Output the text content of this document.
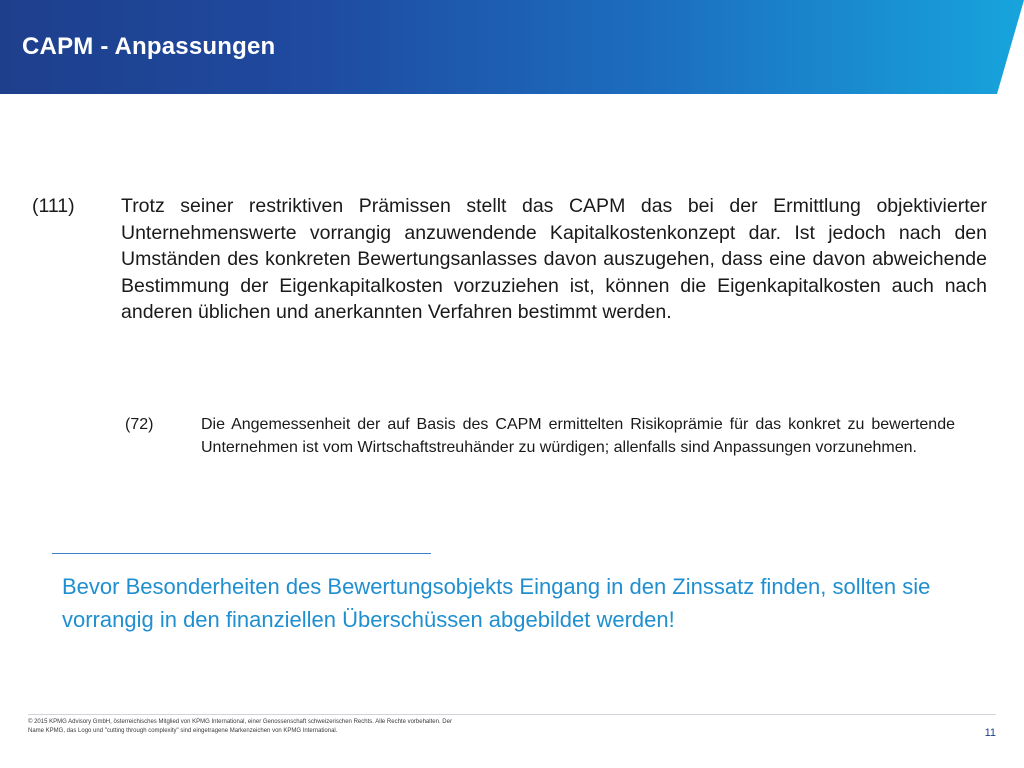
CAPM - Anpassungen
(111)	Trotz seiner restriktiven Prämissen stellt das CAPM das bei der Ermittlung objektivierter Unternehmenswerte vorrangig anzuwendende Kapitalkostenkonzept dar. Ist jedoch nach den Umständen des konkreten Bewertungsanlasses davon auszugehen, dass eine davon abweichende Bestimmung der Eigenkapitalkosten vorzuziehen ist, können die Eigenkapitalkosten auch nach anderen üblichen und anerkannten Verfahren bestimmt werden.
(72)	Die Angemessenheit der auf Basis des CAPM ermittelten Risikoprämie für das konkret zu bewertende Unternehmen ist vom Wirtschaftstreuhänder zu würdigen; allenfalls sind Anpassungen vorzunehmen.
Bevor Besonderheiten des Bewertungsobjekts Eingang in den Zinssatz finden, sollten sie vorrangig in den finanziellen Überschüssen abgebildet werden!
© 2015 KPMG Advisory GmbH, österreichisches Mitglied von KPMG International, einer Genossenschaft schweizerischen Rechts. Alle Rechte vorbehalten. Der Name KPMG, das Logo und "cutting through complexity" sind eingetragene Markenzeichen von KPMG International.	11
